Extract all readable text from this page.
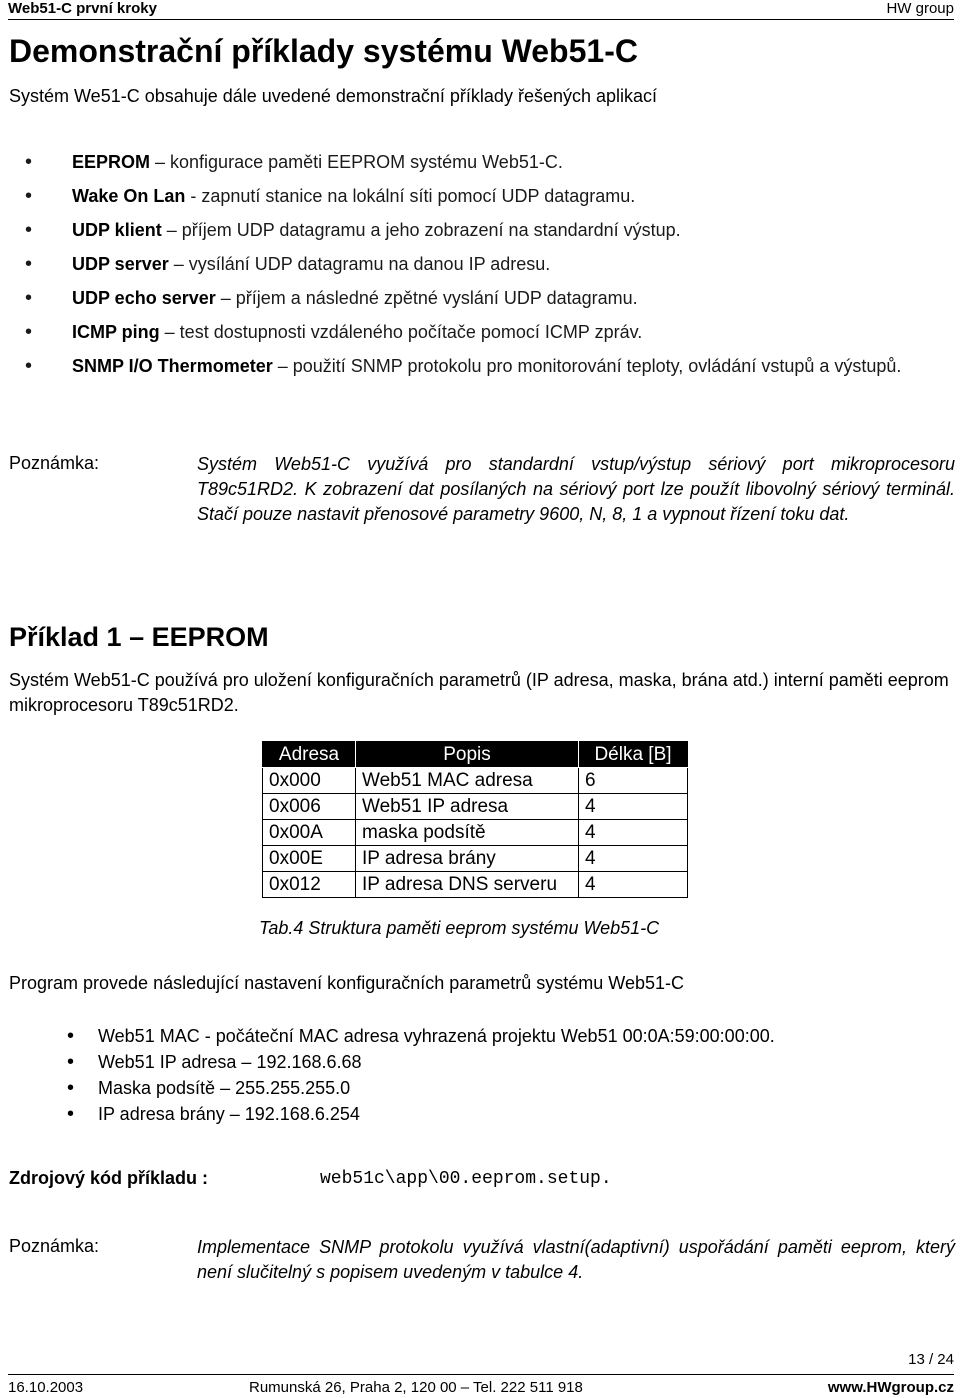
Web51-C první kroky	HW group
Demonstrační příklady systému Web51-C
Systém We51-C obsahuje dále uvedené demonstrační příklady řešených aplikací
• EEPROM – konfigurace paměti EEPROM systému Web51-C.
• Wake On Lan - zapnutí stanice na lokální síti pomocí UDP datagramu.
• UDP klient – příjem UDP datagramu a jeho zobrazení na standardní výstup.
• UDP server – vysílání UDP datagramu na danou IP adresu.
• UDP echo server – příjem a následné zpětné vyslání UDP datagramu.
• ICMP ping – test dostupnosti vzdáleného počítače pomocí ICMP zpráv.
• SNMP I/O Thermometer – použití SNMP protokolu pro monitorování teploty, ovládání vstupů a výstupů.
Poznámka:	Systém Web51-C využívá pro standardní vstup/výstup sériový port mikroprocesoru T89c51RD2. K zobrazení dat posílaných na sériový port lze použít libovolný sériový terminál. Stačí pouze nastavit přenosové parametry 9600, N, 8, 1 a vypnout řízení toku dat.
Příklad 1 – EEPROM
Systém Web51-C používá pro uložení konfiguračních parametrů (IP adresa, maska, brána atd.) interní paměti eeprom mikroprocesoru T89c51RD2.
Adresa	Popis	Délka [B]
0x000	Web51 MAC adresa	6
0x006	Web51 IP adresa	4
0x00A	maska podsítě	4
0x00E	IP adresa brány	4
0x012	IP adresa DNS serveru	4
Tab.4 Struktura paměti eeprom systému Web51-C
Program provede následující nastavení konfiguračních parametrů systému Web51-C
• Web51 MAC - počáteční MAC adresa vyhrazená projektu Web51 00:0A:59:00:00:00.
• Web51 IP adresa – 192.168.6.68
• Maska podsítě – 255.255.255.0
• IP adresa brány – 192.168.6.254
Zdrojový kód příkladu :	web51c\app\00.eeprom.setup.
Poznámka:	Implementace SNMP protokolu využívá vlastní(adaptivní) uspořádání paměti eeprom, který není slučitelný s popisem uvedeným v tabulce 4.
13 / 24
16.10.2003	Rumunská 26, Praha 2, 120 00 – Tel. 222 511 918	www.HWgroup.cz
